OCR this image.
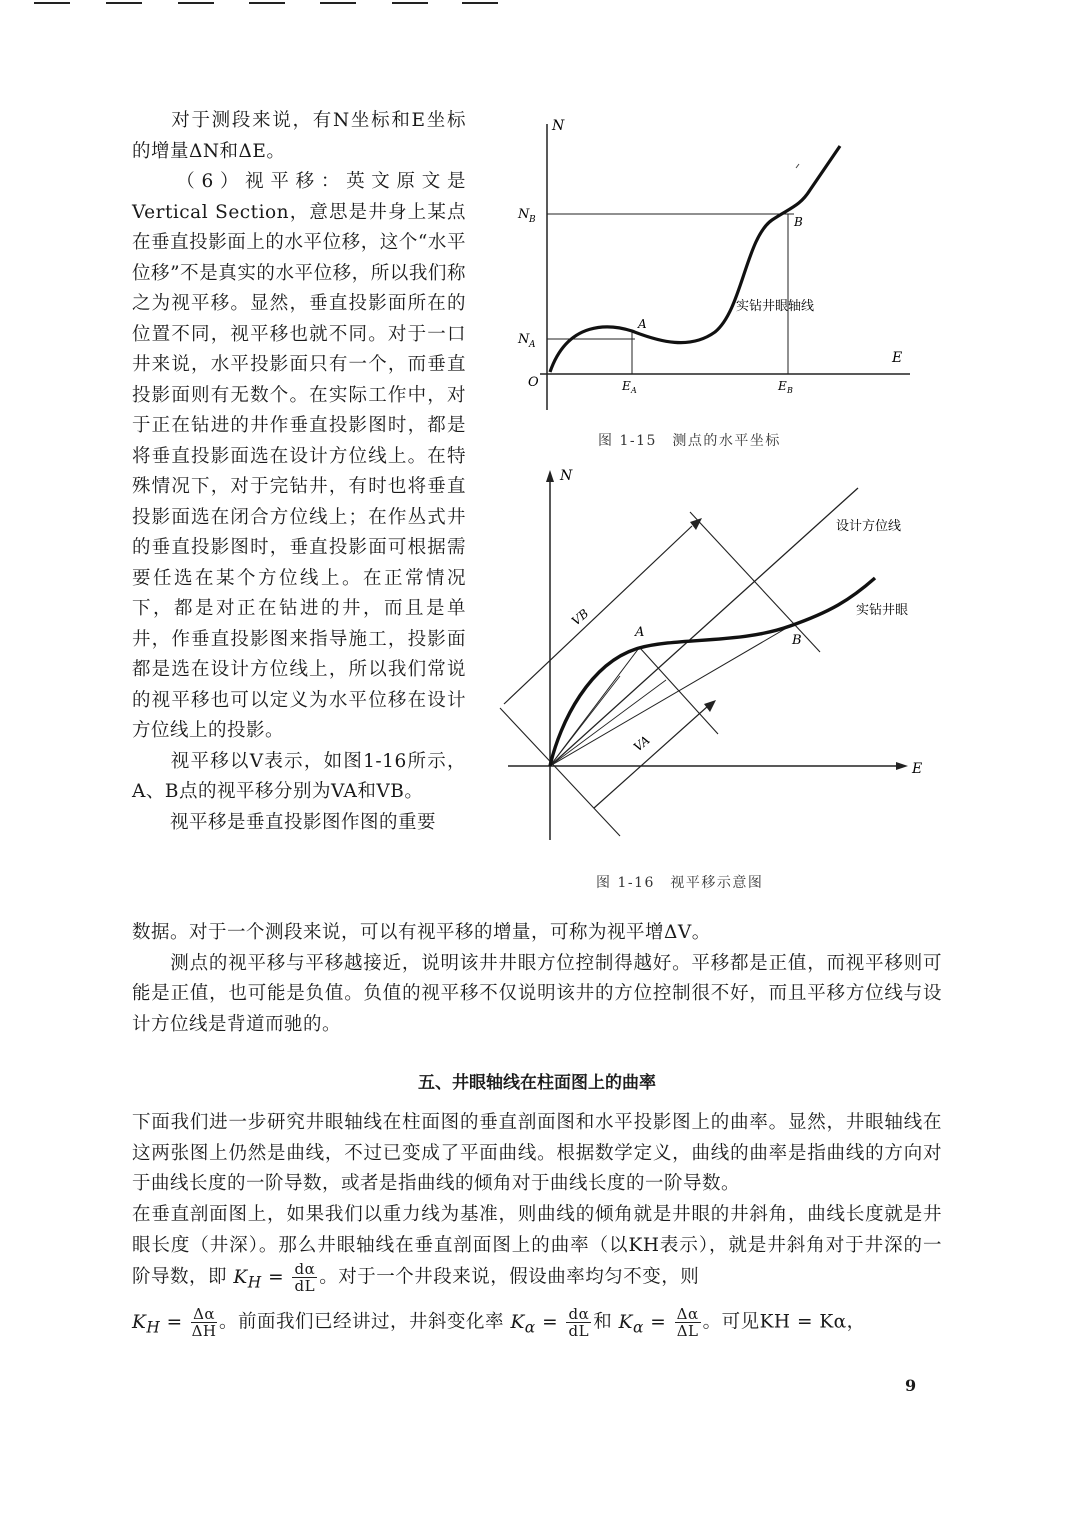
对于测段来说，有N坐标和E坐标的增量ΔN和ΔE。
（6）视平移：英文原文是Vertical Section，意思是井身上某点在垂直投影面上的水平位移，这个“水平位移”不是真实的水平位移，所以我们称之为视平移。显然，垂直投影面所在的位置不同，视平移也就不同。对于一口井来说，水平投影面只有一个，而垂直投影面则有无数个。在实际工作中，对于正在钻进的井作垂直投影图时，都是将垂直投影面选在设计方位线上。在特殊情况下，对于完钻井，有时也将垂直投影面选在闭合方位线上；在作丛式井的垂直投影图时，垂直投影面可根据需要任选在某个方位线上。在正常情况下，都是对正在钻进的井，而且是单井，作垂直投影图来指导施工，投影面都是选在设计方位线上，所以我们常说的视平移也可以定义为水平位移在设计方位线上的投影。
视平移以V表示，如图1-16所示，A、B点的视平移分别为VA和VB。
视平移是垂直投影图作图的重要
N
E
O
N B
N A
E A	E B
A
B
实钻井眼轴线
图 1-15　测点的水平坐标
N
E
A
B
设计方位线
实钻井眼
VB
VA
图 1-16　视平移示意图
数据。对于一个测段来说，可以有视平移的增量，可称为视平增ΔV。
测点的视平移与平移越接近，说明该井井眼方位控制得越好。平移都是正值，而视平移则可能是正值，也可能是负值。负值的视平移不仅说明该井的方位控制很不好，而且平移方位线与设计方位线是背道而驰的。
五、井眼轴线在柱面图上的曲率
下面我们进一步研究井眼轴线在柱面图的垂直剖面图和水平投影图上的曲率。显然，井眼轴线在这两张图上仍然是曲线，不过已变成了平面曲线。根据数学定义，曲线的曲率是指曲线的方向对于曲线长度的一阶导数，或者是指曲线的倾角对于曲线长度的一阶导数。
在垂直剖面图上，如果我们以重力线为基准，则曲线的倾角就是井眼的井斜角，曲线长度就是井眼长度（井深）。那么井眼轴线在垂直剖面图上的曲率（以KH表示），就是井斜角对于井深的一阶导数，即 $K_H = \frac{d\alpha}{dL}$ 。对于一个井段来说，假设曲率均匀不变，则
$K_H = \frac{\Delta\alpha}{\Delta H}$ 。前面我们已经讲过，井斜变化率 $K_\alpha = \frac{d\alpha}{dL}$ 和 $K_\alpha = \frac{\Delta\alpha}{\Delta L}$ 。可见KH = Kα，
9
